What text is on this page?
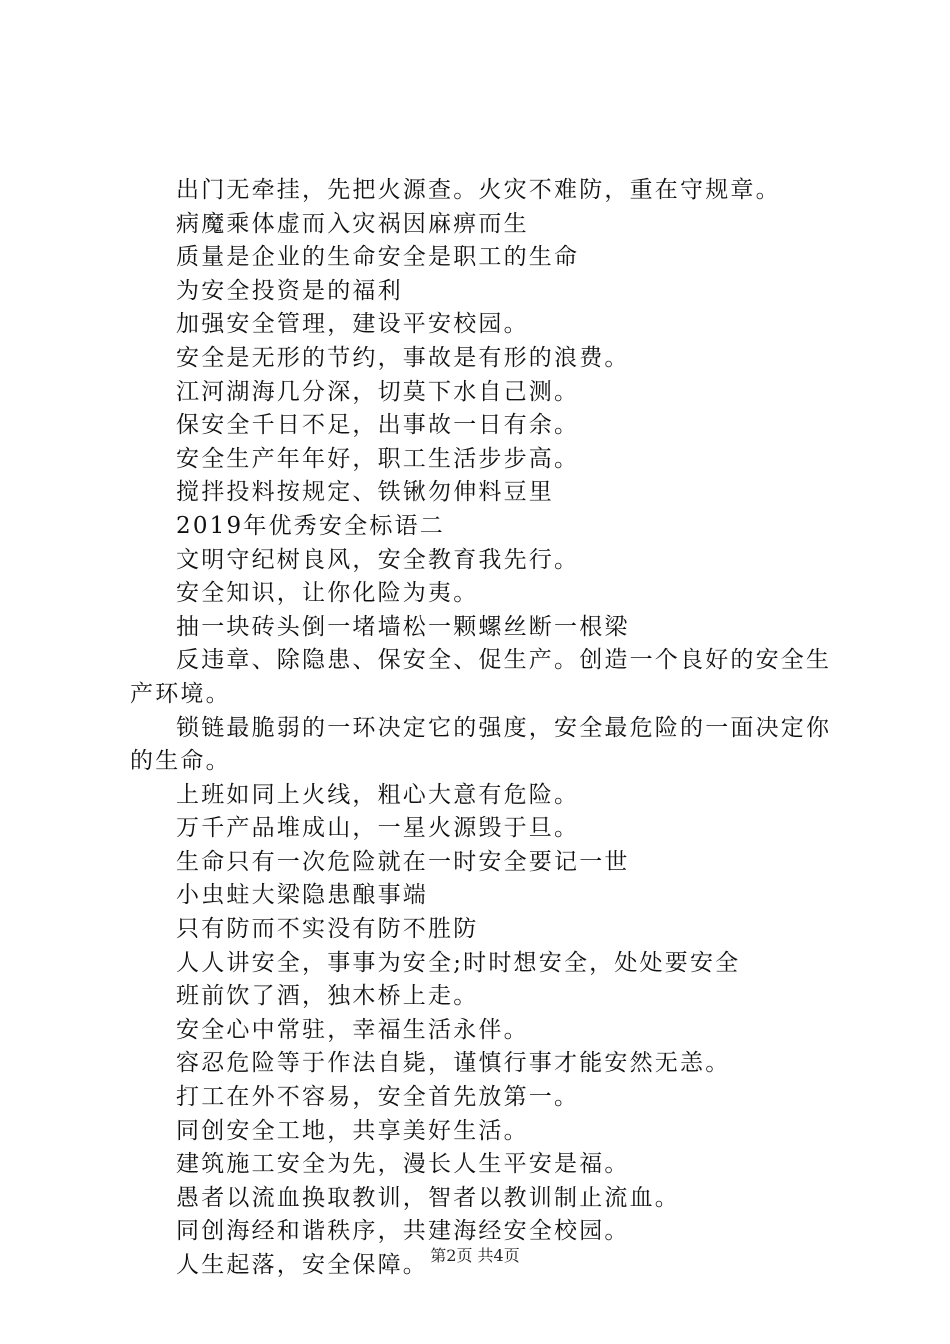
出门无牵挂，先把火源查。火灾不难防，重在守规章。

病魔乘体虚而入灾祸因麻痹而生

质量是企业的生命安全是职工的生命

为安全投资是的福利

加强安全管理，建设平安校园。

安全是无形的节约，事故是有形的浪费。

江河湖海几分深，切莫下水自己测。

保安全千日不足，出事故一日有余。

安全生产年年好，职工生活步步高。

搅拌投料按规定、铁锹勿伸料豆里

2019年优秀安全标语二

文明守纪树良风，安全教育我先行。

安全知识，让你化险为夷。

抽一块砖头倒一堵墙松一颗螺丝断一根梁

反违章、除隐患、保安全、促生产。创造一个良好的安全生产环境。

锁链最脆弱的一环决定它的强度，安全最危险的一面决定你的生命。

上班如同上火线，粗心大意有危险。

万千产品堆成山，一星火源毁于旦。

生命只有一次危险就在一时安全要记一世

小虫蛀大梁隐患酿事端

只有防而不实没有防不胜防

人人讲安全，事事为安全;时时想安全，处处要安全

班前饮了酒，独木桥上走。

安全心中常驻，幸福生活永伴。

容忍危险等于作法自毙，谨慎行事才能安然无恙。

打工在外不容易，安全首先放第一。

同创安全工地，共享美好生活。

建筑施工安全为先，漫长人生平安是福。

愚者以流血换取教训，智者以教训制止流血。

同创海经和谐秩序，共建海经安全校园。

人生起落，安全保障。 第2页 共4页
